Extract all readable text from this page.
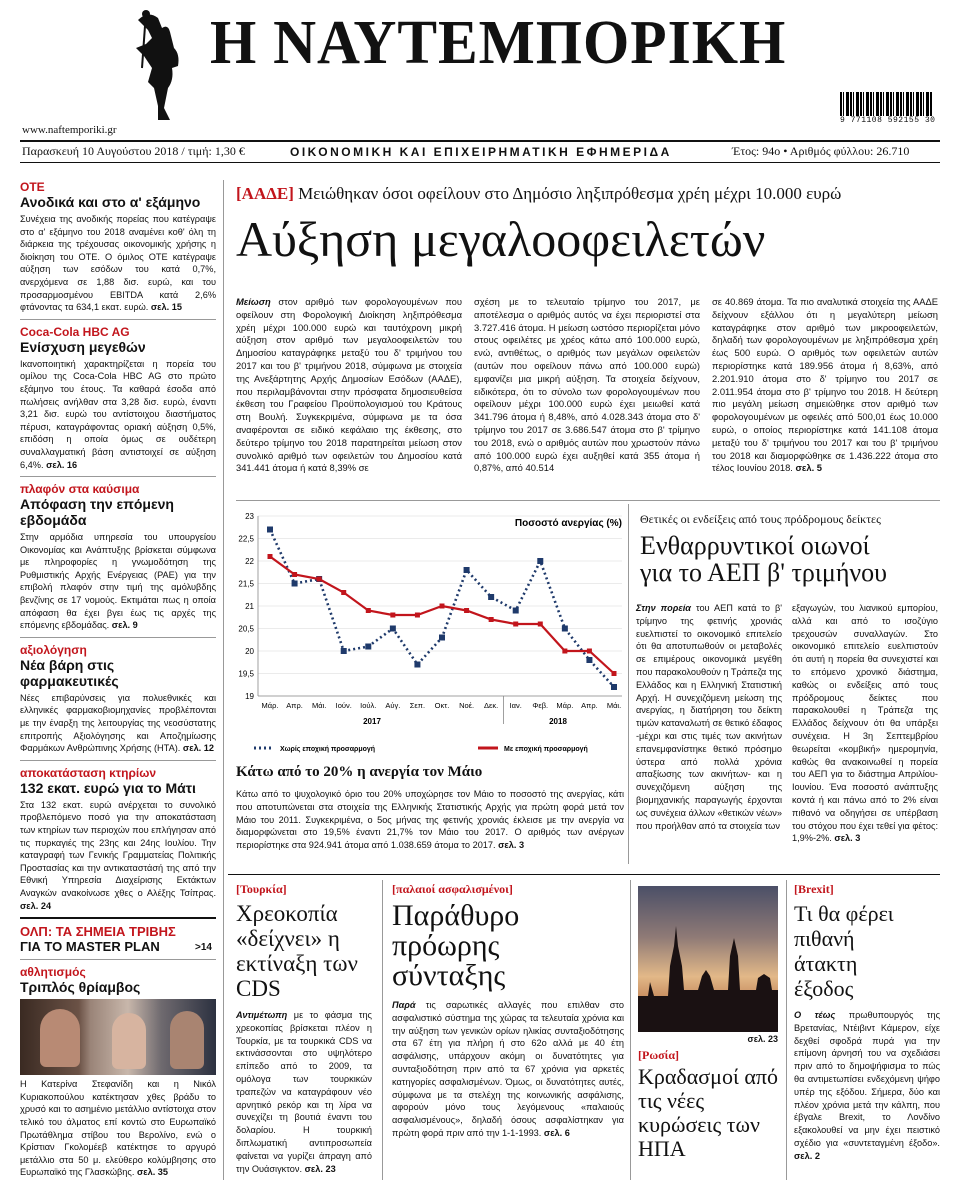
Η ΝΑΥΤΕΜΠΟΡΙΚΗ
9 771108 592155 30
www.naftemporiki.gr
Παρασκευή 10 Αυγούστου 2018 / τιμή: 1,30 €	ΟΙΚΟΝΟΜΙΚΗ ΚΑΙ ΕΠΙΧΕΙΡΗΜΑΤΙΚΗ ΕΦΗΜΕΡΙΔΑ	Έτος: 94ο • Αριθμός φύλλου: 26.710
ΟΤΕ
Ανοδικά και στο α' εξάμηνο
Συνέχεια της ανοδικής πορείας που κατέγραψε στο α' εξάμηνο του 2018 αναμένει κοθ' όλη τη διάρκεια της τρέχουσας οικονομικής χρήσης η διοίκηση του ΟΤΕ. Ο όμιλος ΟΤΕ κατέγραψε αύξηση των εσόδων του κατά 0,7%, ανερχόμενα σε 1,88 δισ. ευρώ, και του προσαρμοσμένου EBITDA κατά 2,6% φτάνοντας τα 634,1 εκατ. ευρώ. σελ. 15
Coca-Cola HBC AG
Ενίσχυση μεγεθών
Ικανοποιητική χαρακτηρίζεται η πορεία του ομίλου της Coca-Cola HBC AG στο πρώτο εξάμηνο του έτους. Τα καθαρά έσοδα από πωλήσεις ανήλθαν στα 3,28 δισ. ευρώ, έναντι 3,21 δισ. ευρώ του αντίστοιχου διαστήματος πέρυσι, καταγράφοντας οριακή αύξηση 0,5%, επιδόση η οποία όμως σε ουδέτερη συναλλαγματική βάση αντιστοιχεί σε αύξηση 6,4%. σελ. 16
πλαφόν στα καύσιμα
Απόφαση την επόμενη εβδομάδα
Στην αρμόδια υπηρεσία του υπουργείου Οικονομίας και Ανάπτυξης βρίσκεται σύμφωνα με πληροφορίες η γνωμοδότηση της Ρυθμιστικής Αρχής Ενέργειας (ΡΑΕ) για την επιβολή πλαφόν στην τιμή της αμόλυβδης βενζίνης σε 17 νομούς. Εκτιμάται πως η οποία απόφαση θα έχει βγει έως τις αρχές της επόμενης εβδομάδας. σελ. 9
αξιολόγηση
Νέα βάρη στις φαρμακευτικές
Νέες επιβαρύνσεις για πολυεθνικές και ελληνικές φαρμακοβιομηχανίες προβλέπονται με την έναρξη της λειτουργίας της νεοσύστατης επιτροπής Αξιολόγησης και Αποζημίωσης Φαρμάκων Ανθρώπινης Χρήσης (ΗΤΑ). σελ. 12
αποκατάσταση κτηρίων
132 εκατ. ευρώ για το Μάτι
Στα 132 εκατ. ευρώ ανέρχεται το συνολικό προβλεπόμενο ποσό για την αποκατάσταση των κτηρίων των περιοχών που επλήγησαν από τις πυρκαγιές της 23ης και 24ης Ιουλίου. Την καταγραφή των Γενικής Γραμματείας Πολιτικής Προστασίας και την αντικαταστάσή της από την Εθνική Υπηρεσία Διαχείρισης Εκτάκτων Αναγκών ανακοίνωσε χθες ο Αλέξης Τσίπρας. σελ. 24
ΟΛΠ: ΤΑ ΣΗΜΕΙΑ ΤΡΙΒΗΣ
ΓΙΑ ΤΟ MASTER PLAN	>14
αθλητισμός
Τριπλός θρίαμβος
Η Κατερίνα Στεφανίδη και η Νικόλ Κυριακοπούλου κατέκτησαν χθες βράδυ το χρυσό και το ασημένιο μετάλλιο αντίστοιχα στον τελικό του άλματος επί κοντώ στο Ευρωπαϊκό Πρωτάθλημα στίβου του Βερολίνο, ενώ ο Κρίστιαν Γκολομέεβ κατέκτησε το αργυρό μετάλλιο στα 50 μ. ελεύθερο κολύμβησης στο Ευρωπαϊκό της Γλασκώβης. σελ. 35
[ΑΑΔΕ] Μειώθηκαν όσοι οφείλουν στο Δημόσιο ληξιπρόθεσμα χρέη μέχρι 10.000 ευρώ
Αύξηση μεγαλοοφειλετών
Μείωση στον αριθμό των φορολογουμένων που οφείλουν στη Φορολογική Διοίκηση ληξιπρόθεσμα χρέη μέχρι 100.000 ευρώ και ταυτόχρονη μικρή αύξηση στον αριθμό των μεγαλοοφειλετών του Δημοσίου καταγράφηκε μεταξύ του δ' τριμήνου του 2017 και του β' τριμήνου 2018, σύμφωνα με στοιχεία της Ανεξάρτητης Αρχής Δημοσίων Εσόδων (ΑΑΔΕ), που περιλαμβάνονται στην πρόσφατα δημοσιευθείσα έκθεση του Γραφείου Προϋπολογισμού του Κράτους στη Βουλή. Συγκεκριμένα, σύμφωνα με τα όσα αναφέρονται σε ειδικό κεφάλαιο της έκθεσης, στο δεύτερο τρίμηνο του 2018 παρατηρείται μείωση στον συνολικό αριθμό των οφειλετών του Δημοσίου κατά 341.441 άτομα ή κατά 8,39% σε
σχέση με το τελευταίο τρίμηνο του 2017, με αποτέλεσμα ο αριθμός αυτός να έχει περιοριστεί στα 3.727.416 άτομα. Η μείωση ωστόσο περιορίζεται μόνο στους οφειλέτες με χρέος κάτω από 100.000 ευρώ, ενώ, αντιθέτως, ο αριθμός των μεγάλων οφειλετών (αυτών που οφείλουν πάνω από 100.000 ευρώ) εμφανίζει μια μικρή αύξηση. Τα στοιχεία δείχνουν, ειδικότερα, ότι το σύνολο των φορολογουμένων που οφείλουν μέχρι 100.000 ευρώ έχει μειωθεί κατά 341.796 άτομα ή 8,48%, από 4.028.343 άτομα στο δ' τρίμηνο του 2017 σε 3.686.547 άτομα στο β' τρίμηνο του 2018, ενώ ο αριθμός αυτών που χρωστούν πάνω από 100.000 ευρώ έχει αυξηθεί κατά 355 άτομα ή 0,87%, από 40.514
σε 40.869 άτομα. Τα πιο αναλυτικά στοιχεία της ΑΑΔΕ δείχνουν εξάλλου ότι η μεγαλύτερη μείωση καταγράφηκε στον αριθμό των μικροοφειλετών, δηλαδή των φορολογουμένων με ληξιπρόθεσμα χρέη έως 500 ευρώ. Ο αριθμός των οφειλετών αυτών περιορίστηκε κατά 189.956 άτομα ή 8,63%, από 2.201.910 άτομα στο δ' τρίμηνο του 2017 σε 2.011.954 άτομα στο β' τρίμηνο του 2018. Η δεύτερη πιο μεγάλη μείωση σημειώθηκε στον αριθμό των φορολογουμένων με οφειλές από 500,01 έως 10.000 ευρώ, ο οποίος περιορίστηκε κατά 141.108 άτομα μεταξύ του δ' τριμήνου του 2017 και του β' τριμήνου του 2018 και διαμορφώθηκε σε 1.436.222 άτομα στο τέλος Ιουνίου 2018. σελ. 5
Ποσοστό ανεργίας (%)
19
19,5
20
20,5
21
21,5
22
22,5
23
Μάρ. Απρ. Μάι. Ιούν. Ιούλ. Αύγ. Σεπ. Οκτ. Νοέ. Δεκ. Ιαν. Φεβ. Μάρ. Απρ. Μάι.
2017	2018
Χωρίς εποχική προσαρμογή	Με εποχική προσαρμογή
Κάτω από το 20% η ανεργία τον Μάιο
Κάτω από το ψυχολογικό όριο του 20% υποχώρησε τον Μάιο το ποσοστό της ανεργίας, κάτι που αποτυπώνεται στα στοιχεία της Ελληνικής Στατιστικής Αρχής για πρώτη φορά μετά τον Μάιο του 2011. Συγκεκριμένα, ο 5ος μήνας της φετινής χρονιάς έκλεισε με την ανεργία να διαμορφώνεται στο 19,5% έναντι 21,7% τον Μάιο του 2017. Ο αριθμός των ανέργων περιορίστηκε στα 924.941 άτομα από 1.038.659 άτομα το 2017. σελ. 3
Θετικές οι ενδείξεις από τους πρόδρομους δείκτες
Ενθαρρυντικοί οιωνοί
για το ΑΕΠ β' τριμήνου
Στην πορεία του ΑΕΠ κατά το β' τρίμηνο της φετινής χρονιάς ευελπιστεί το οικονομικό επιτελείο ότι θα αποτυπωθούν οι μεταβολές σε επιμέρους οικονομικά μεγέθη που παρακολουθούν η Τράπεζα της Ελλάδος και η Ελληνική Στατιστική Αρχή. Η συνεχιζόμενη μείωση της ανεργίας, η διατήρηση του δείκτη τιμών καταναλωτή σε θετικό έδαφος -μέχρι και στις τιμές των ακινήτων επανεμφανίστηκε θετικό πρόσημο ύστερα από πολλά χρόνια απαξίωσης των ακινήτων- και η συνεχιζόμενη αύξηση της βιομηχανικής παραγωγής έρχονται ως συνέχεια άλλων «θετικών νέων» που προήλθαν από τα στοιχεία των
εξαγωγών, του λιανικού εμπορίου, αλλά και από το ισοζύγιο τρεχουσών συναλλαγών. Στο οικονομικό επιτελείο ευελπιστούν ότι αυτή η πορεία θα συνεχιστεί και το επόμενο χρονικό διάστημα, καθώς οι ενδείξεις από τους πρόδρομους δείκτες που παρακολουθεί η Τράπεζα της Ελλάδος δείχνουν ότι θα υπάρξει συνέχεια. Η 3η Σεπτεμβρίου θεωρείται «κομβική» ημερομηνία, καθώς θα ανακοινωθεί η πορεία του ΑΕΠ για το διάστημα Απριλίου-Ιουνίου. Ένα ποσοστό ανάπτυξης κοντά ή και πάνω από το 2% είναι πιθανό να οδηγήσει σε υπέρβαση του στόχου που έχει τεθεί για φέτος: 1,9%-2%. σελ. 3
[Τουρκία]
Χρεοκοπία «δείχνει» η εκτίναξη των CDS
Αντιμέτωπη με το φάσμα της χρεοκοπίας βρίσκεται πλέον η Τουρκία, με τα τουρκικά CDS να εκτινάσσονται στο υψηλότερο επίπεδο από το 2009, τα ομόλογα των τουρκικών τραπεζών να καταγράφουν νέο αρνητικό ρεκόρ και τη λίρα να συνεχίζει τη βουτιά έναντι του δολαρίου. Η τουρκική διπλωματική αντιπροσωπεία φαίνεται να γυρίζει άπραγη από την Ουάσιγκτον. σελ. 23
[παλαιοί ασφαλισμένοι]
Παράθυρο πρόωρης σύνταξης
Παρά τις σαρωτικές αλλαγές που επιλθαν στο ασφαλιστικό σύστημα της χώρας τα τελευταία χρόνια και την αύξηση των γενικών ορίων ηλικίας συνταξιοδότησης στα 67 έτη για πλήρη ή στο 62ο αλλά με 40 έτη ασφάλισης, υπάρχουν ακόμη οι δυνατότητες για συνταξιοδότηση πριν από τα 67 χρόνια για αρκετές κατηγορίες ασφαλισμένων. Όμως, οι δυνατότητες αυτές, σύμφωνα με τα στελέχη της κοινωνικής ασφάλισης, αφορούν μόνο τους λεγόμενους «παλαιούς ασφαλισμένους», δηλαδή όσους ασφαλίστηκαν για πρώτη φορά πριν από την 1-1-1993. σελ. 6
σελ. 23
[Ρωσία]
Κραδασμοί από τις νέες κυρώσεις των ΗΠΑ
[Brexit]
Τι θα φέρει πιθανή άτακτη έξοδος
Ο τέως πρωθυπουργός της Βρετανίας, Ντέιβιντ Κάμερον, είχε δεχθεί σφοδρά πυρά για την επίμονη άρνησή του να σχεδιάσει πριν από το δημοψήφισμα το πώς θα αντιμετωπίσει ενδεχόμενη ψήφο υπέρ της εξόδου. Σήμερα, δύο και πλέον χρόνια μετά την κάλπη, που έβγαλε Brexit, το Λονδίνο εξακολουθεί να μην έχει πειστικό σχέδιο για «συντεταγμένη έξοδο». σελ. 2
